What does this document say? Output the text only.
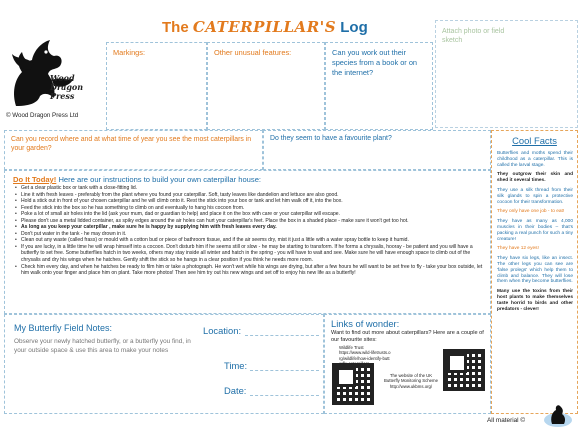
The CATERPILLAR'S Log	Attach photo or field sketch
Wood Dragon Press
© Wood Dragon Press Ltd
Markings:	Other unusual features:	Can you work out their species from a book or on the internet?
Can you record where and at what time of year you see the most caterpillars in your garden?
Do they seem to have a favourite plant?
Do It Today! Here are our instructions to build your own caterpillar house:
• Get a clear plastic box or tank with a close-fitting lid.
• Line it with fresh leaves - preferably from the plant where you found your caterpillar. Soft, tasty leaves like dandelion and lettuce are also good.
• Hold a stick out in front of your chosen caterpillar and he will climb onto it. Rest the stick into your box or tank and let him walk off it, into the box.
• Feed the stick into the box so he has something to climb on and eventually to hang his cocoon from.
• Poke a lot of small air holes into the lid (ask your mum, dad or guardian to help) and place it on the box with care or your caterpillar will escape.
• Please don't use a metal lidded container, as spiky edges around the air holes can hurt your caterpillar's feet. Place the box in a shaded place - make sure it won't get too hot.
• As long as you keep your caterpillar , make sure he is happy by supplying him with fresh leaves every day.
• Don't put water in the tank - he may drown in it.
• Clean out any waste (called frass) or mould with a cotton bud or piece of bathroom tissue, and if the air seems dry, mist it just a little with a water spray bottle to keep it humid.
• If you are lucky, in a little time he will wrap himself into a cocoon. Don't disturb him if he seems still or slow - he may be starting to transform. If he forms a chrysalis, hooray - be patient and you will have a butterfly to set free. Some butterflies hatch in two weeks, others may stay inside all winter and hatch in the spring - you will have to wait and see. Make sure he will have enough space to climb out of the chrysalis and dry his wings when he hatches. Gently shift the stick so he hangs in a clear position if you think he needs more room.
• Check him every day, and when he hatches be ready to film him or take a photograph. He won't wet while his wings are drying, but after a few hours he will want to be set free to fly - take your box outside, let him walk onto your finger and place him on plant. Take more photos! Then see him try out his new wings and set off to enjoy his new life as a butterfly!
Cool Facts
Butterflies and moths spend their childhood as a caterpillar. This is called the larval stage.
They outgrow their skin and shed it several times.
They use a silk thread from their silk glands to spin a protective cocoon for their transformation.
They only have one job - to eat!
They have as many as 4,000 muscles in their bodies – that's packing a real punch for such a tiny creature!
They have 12 eyes!
They have six legs, like an insect. The other legs you can see are 'false prolegs' which help them to climb and balance. They will lose them when they become butterflies.
Many use the toxins from their host plants to make themselves taste horrid to birds and other predators - clever!
My Butterfly Field Notes:
Observe your newly hatched butterfly, or a butterfly you find, in your outside space & use this area to make your notes
Location:
Time:
Date:
Links of wonder:
Want to find out more about caterpillars? Here are a couple of our favourite sites:
Wildlife Trust
https://www.wild-lifetrusts.org/wildlife/how-identify-butt
The website of the UK Butterfly Monitoring Scheme http://www.ukbms.org/
All material ©
